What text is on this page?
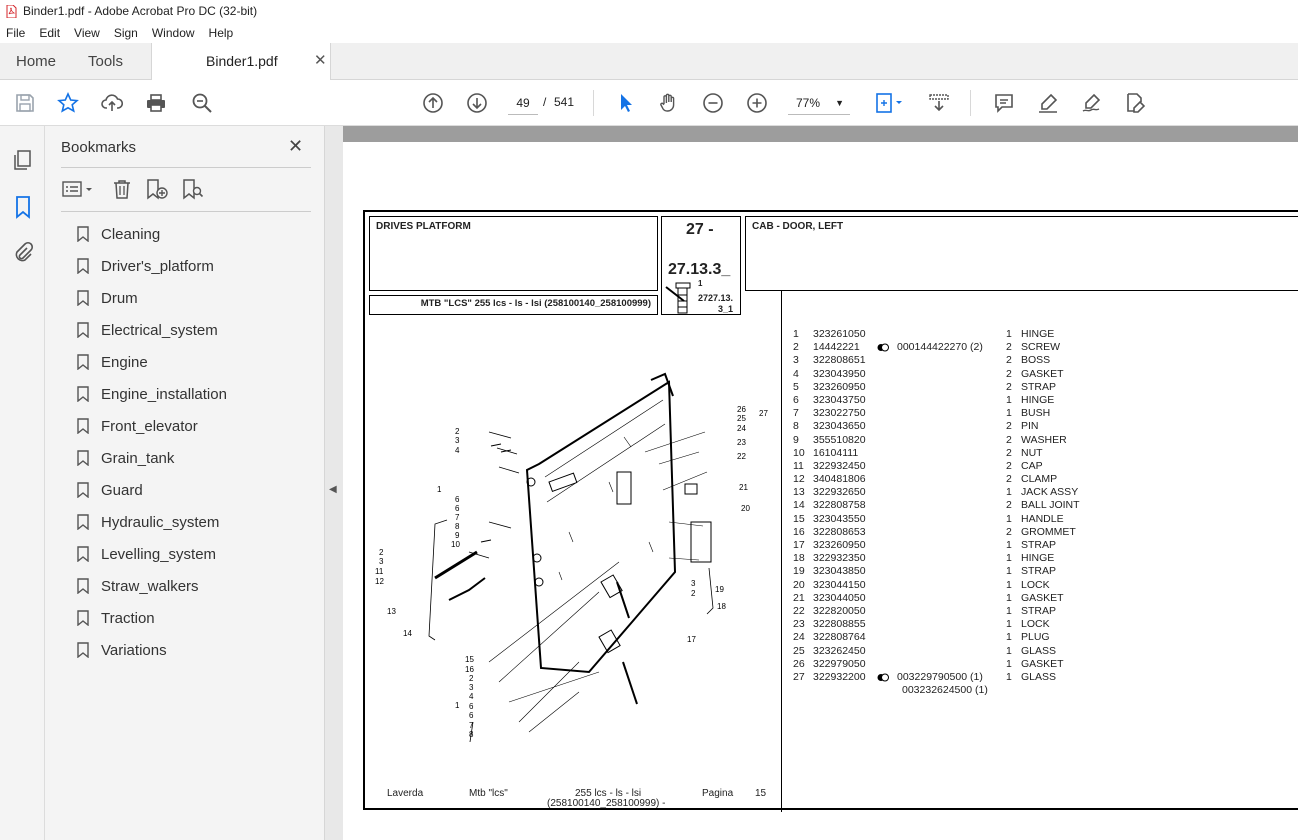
Binder1.pdf - Adobe Acrobat Pro DC (32-bit)
File Edit View Sign Window Help
Home Tools	Binder1.pdf ✕
49	/ 541	77% ▼
Bookmarks	✕
Cleaning
Driver's_platform
Drum
Electrical_system
Engine
Engine_installation
Front_elevator
Grain_tank
Guard
Hydraulic_system
Levelling_system
Straw_walkers
Traction
Variations
◀
DRIVES PLATFORM
MTB "LCS" 255 lcs - ls - lsi (258100140_258100999)
27 -
27.13.3_
1
2727.13.
3_1
CAB - DOOR, LEFT
2
3
4
1
6
6
7
8
9
10
2
3
11
12
13
14
15
16
2
3
4
1 6
6
7
8
26
25
27
24
23
22
21
20
3
2 19
18
17
1 323261050	1 HINGE
2 14442221	000144422270 (2) 2 SCREW
3 322808651	2 BOSS
4 323043950	2 GASKET
5 323260950	2 STRAP
6 323043750	1 HINGE
7 323022750	1 BUSH
8 323043650	2 PIN
9 355510820	2 WASHER
10 16104111	2 NUT
11 322932450	2 CAP
12 340481806	2 CLAMP
13 322932650	1 JACK ASSY
14 322808758	2 BALL JOINT
15 323043550	1 HANDLE
16 322808653	2 GROMMET
17 323260950	1 STRAP
18 322932350	1 HINGE
19 323043850	1 STRAP
20 323044150	1 LOCK
21 323044050	1 GASKET
22 322820050	1 STRAP
23 322808855	1 LOCK
24 322808764	1 PLUG
25 323262450	1 GLASS
26 322979050	1 GASKET
27 322932200	003229790500 (1) 1 GLASS
003232624500 (1)
Laverda	Mtb "lcs"	255 lcs - ls - lsi
(258100140_258100999) -
Pagina 15
